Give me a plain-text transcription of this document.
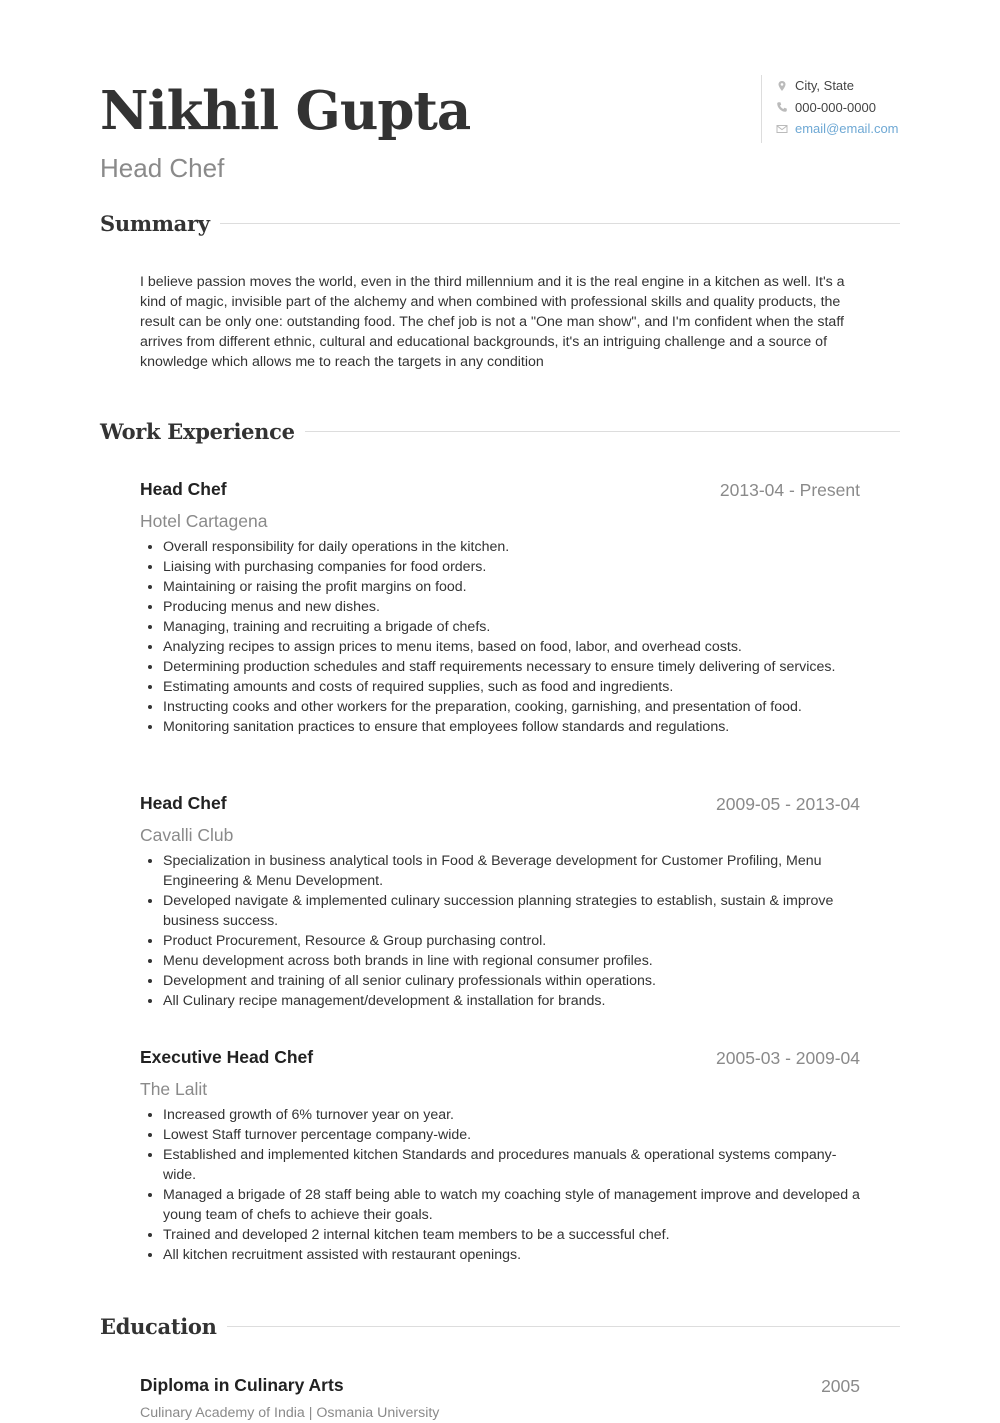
Nikhil Gupta
Head Chef
City, State
000-000-0000
email@email.com
Summary
I believe passion moves the world, even in the third millennium and it is the real engine in a kitchen as well. It's a kind of magic, invisible part of the alchemy and when combined with professional skills and quality products, the result can be only one: outstanding food. The chef job is not a "One man show", and I'm confident when the staff arrives from different ethnic, cultural and educational backgrounds, it's an intriguing challenge and a source of knowledge which allows me to reach the targets in any condition
Work Experience
Head Chef	2013-04 - Present
Hotel Cartagena
• Overall responsibility for daily operations in the kitchen.
• Liaising with purchasing companies for food orders.
• Maintaining or raising the profit margins on food.
• Producing menus and new dishes.
• Managing, training and recruiting a brigade of chefs.
• Analyzing recipes to assign prices to menu items, based on food, labor, and overhead costs.
• Determining production schedules and staff requirements necessary to ensure timely delivering of services.
• Estimating amounts and costs of required supplies, such as food and ingredients.
• Instructing cooks and other workers for the preparation, cooking, garnishing, and presentation of food.
• Monitoring sanitation practices to ensure that employees follow standards and regulations.
Head Chef	2009-05 - 2013-04
Cavalli Club
• Specialization in business analytical tools in Food & Beverage development for Customer Profiling, Menu Engineering & Menu Development.
• Developed navigate & implemented culinary succession planning strategies to establish, sustain & improve business success.
• Product Procurement, Resource & Group purchasing control.
• Menu development across both brands in line with regional consumer profiles.
• Development and training of all senior culinary professionals within operations.
• All Culinary recipe management/development & installation for brands.
Executive Head Chef	2005-03 - 2009-04
The Lalit
• Increased growth of 6% turnover year on year.
• Lowest Staff turnover percentage company-wide.
• Established and implemented kitchen Standards and procedures manuals & operational systems company-wide.
• Managed a brigade of 28 staff being able to watch my coaching style of management improve and developed a young team of chefs to achieve their goals.
• Trained and developed 2 internal kitchen team members to be a successful chef.
• All kitchen recruitment assisted with restaurant openings.
Education
Diploma in Culinary Arts	2005
Culinary Academy of India | Osmania University
